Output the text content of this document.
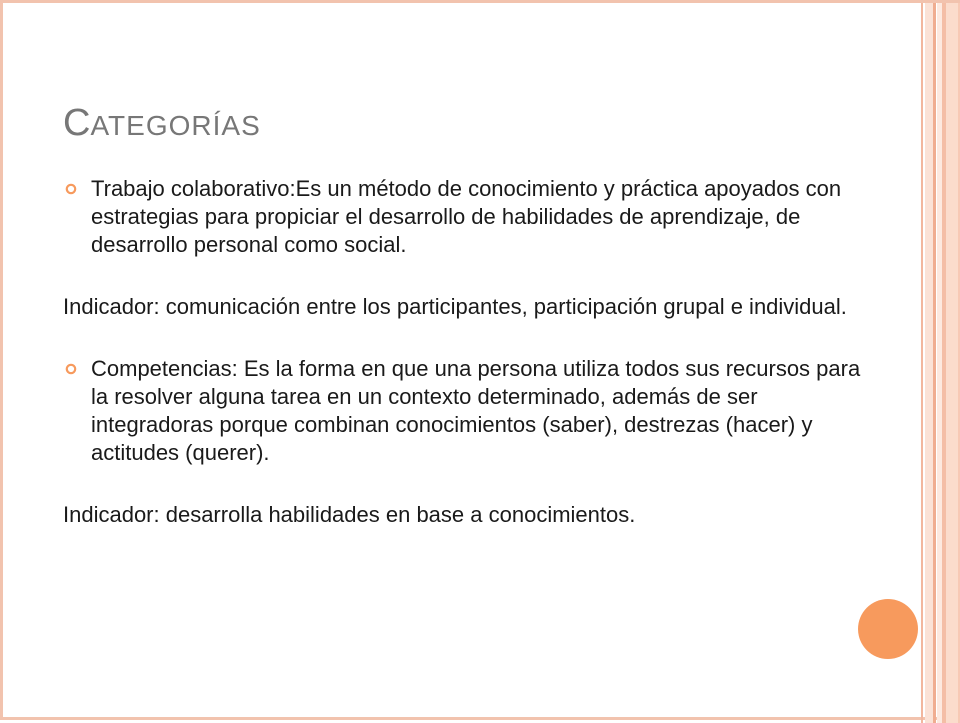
CATEGORÍAS
Trabajo colaborativo:Es un método de conocimiento y práctica apoyados con estrategias para propiciar el desarrollo de habilidades de aprendizaje, de desarrollo personal como social.
Indicador: comunicación entre los participantes, participación grupal e individual.
Competencias: Es la forma en que una persona utiliza todos sus recursos para la resolver alguna tarea en un contexto determinado, además de ser integradoras porque combinan conocimientos (saber), destrezas (hacer) y actitudes (querer).
Indicador: desarrolla habilidades en base a conocimientos.
